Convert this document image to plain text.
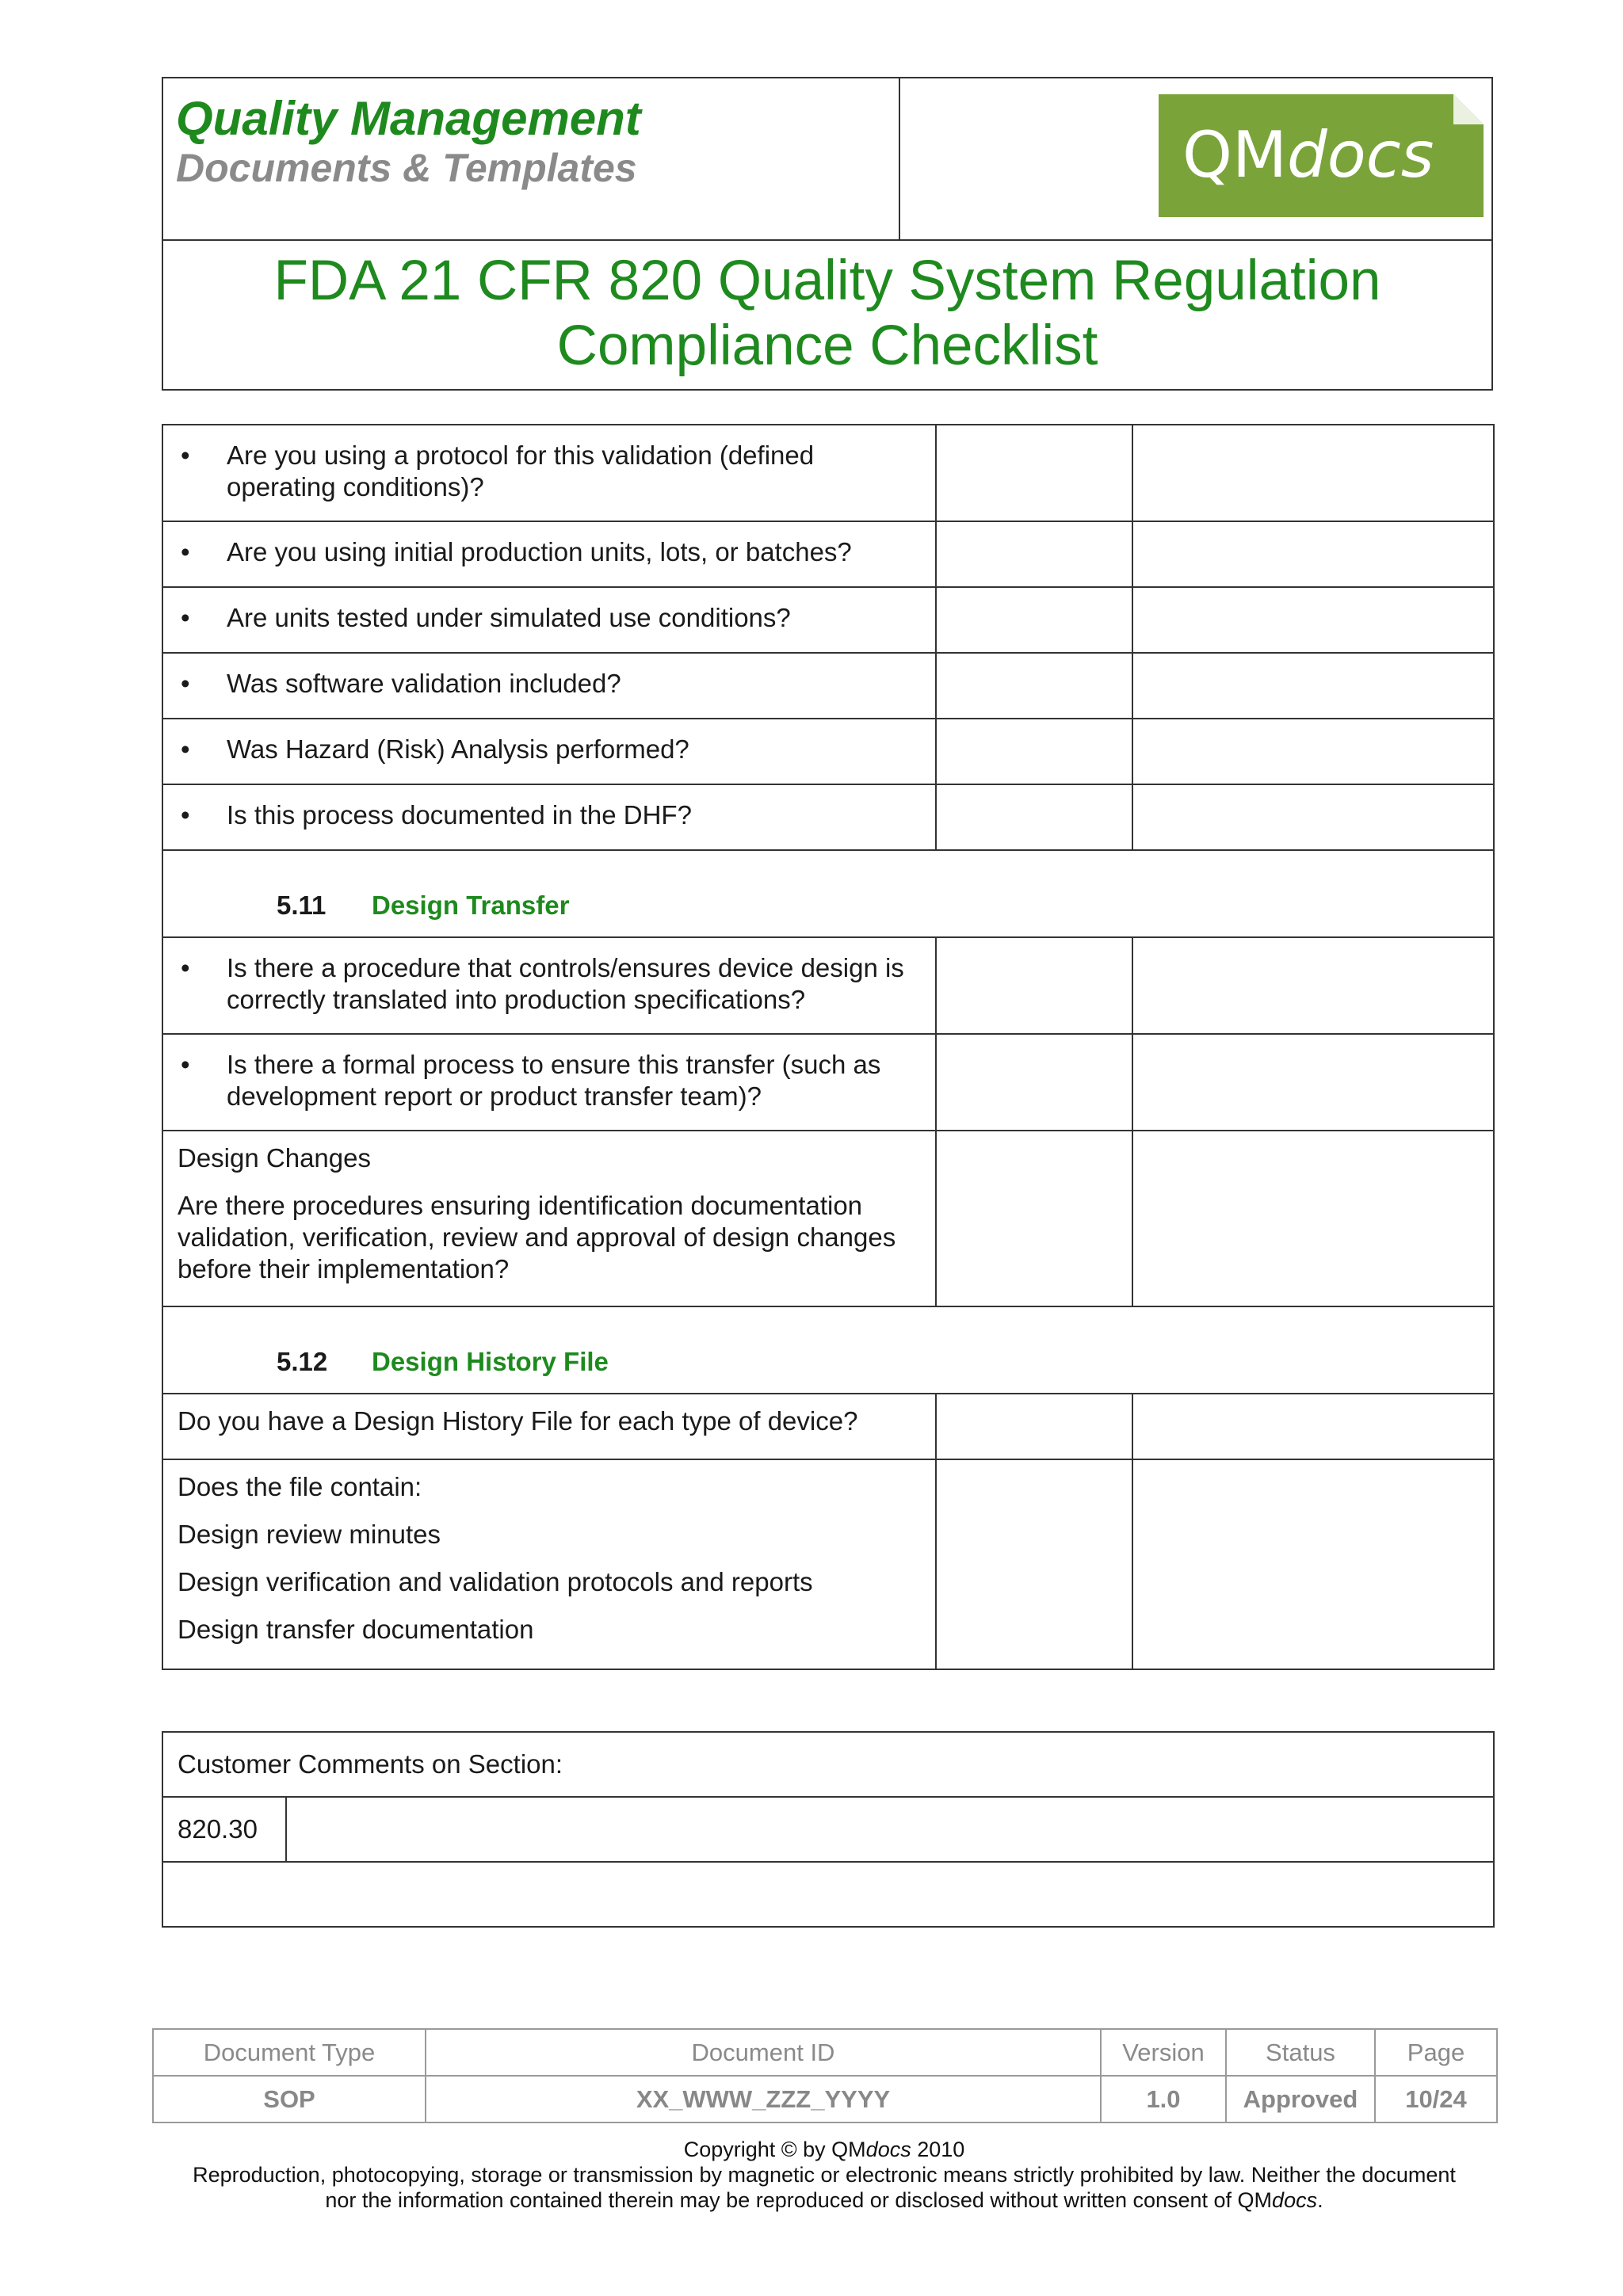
Quality Management
Documents & Templates	QMdocs
FDA 21 CFR 820 Quality System Regulation
Compliance Checklist
• Are you using a protocol for this validation (defined operating conditions)?		

• Are you using initial production units, lots, or batches?		

• Are units tested under simulated use conditions?		

• Was software validation included?		

• Was Hazard (Risk) Analysis performed?		

• Is this process documented in the DHF?		

5.11 Design Transfer		

• Is there a procedure that controls/ensures device design is correctly translated into production specifications?		

• Is there a formal process to ensure this transfer (such as development report or product transfer team)?		

Design Changes

Are there procedures ensuring identification documentation validation, verification, review and approval of design changes before their implementation?		

5.12 Design History File		

Do you have a Design History File for each type of device?		

Does the file contain:

Design review minutes

Design verification and validation protocols and reports

Design transfer documentation		

Customer Comments on Section:
820.30	

Document Type	Document ID	Version	Status	Page
SOP	XX_WWW_ZZZ_YYYY	1.0	Approved	10/24
Copyright © by QMdocs 2010
Reproduction, photocopying, storage or transmission by magnetic or electronic means strictly prohibited by law. Neither the document
nor the information contained therein may be reproduced or disclosed without written consent of QMdocs.
